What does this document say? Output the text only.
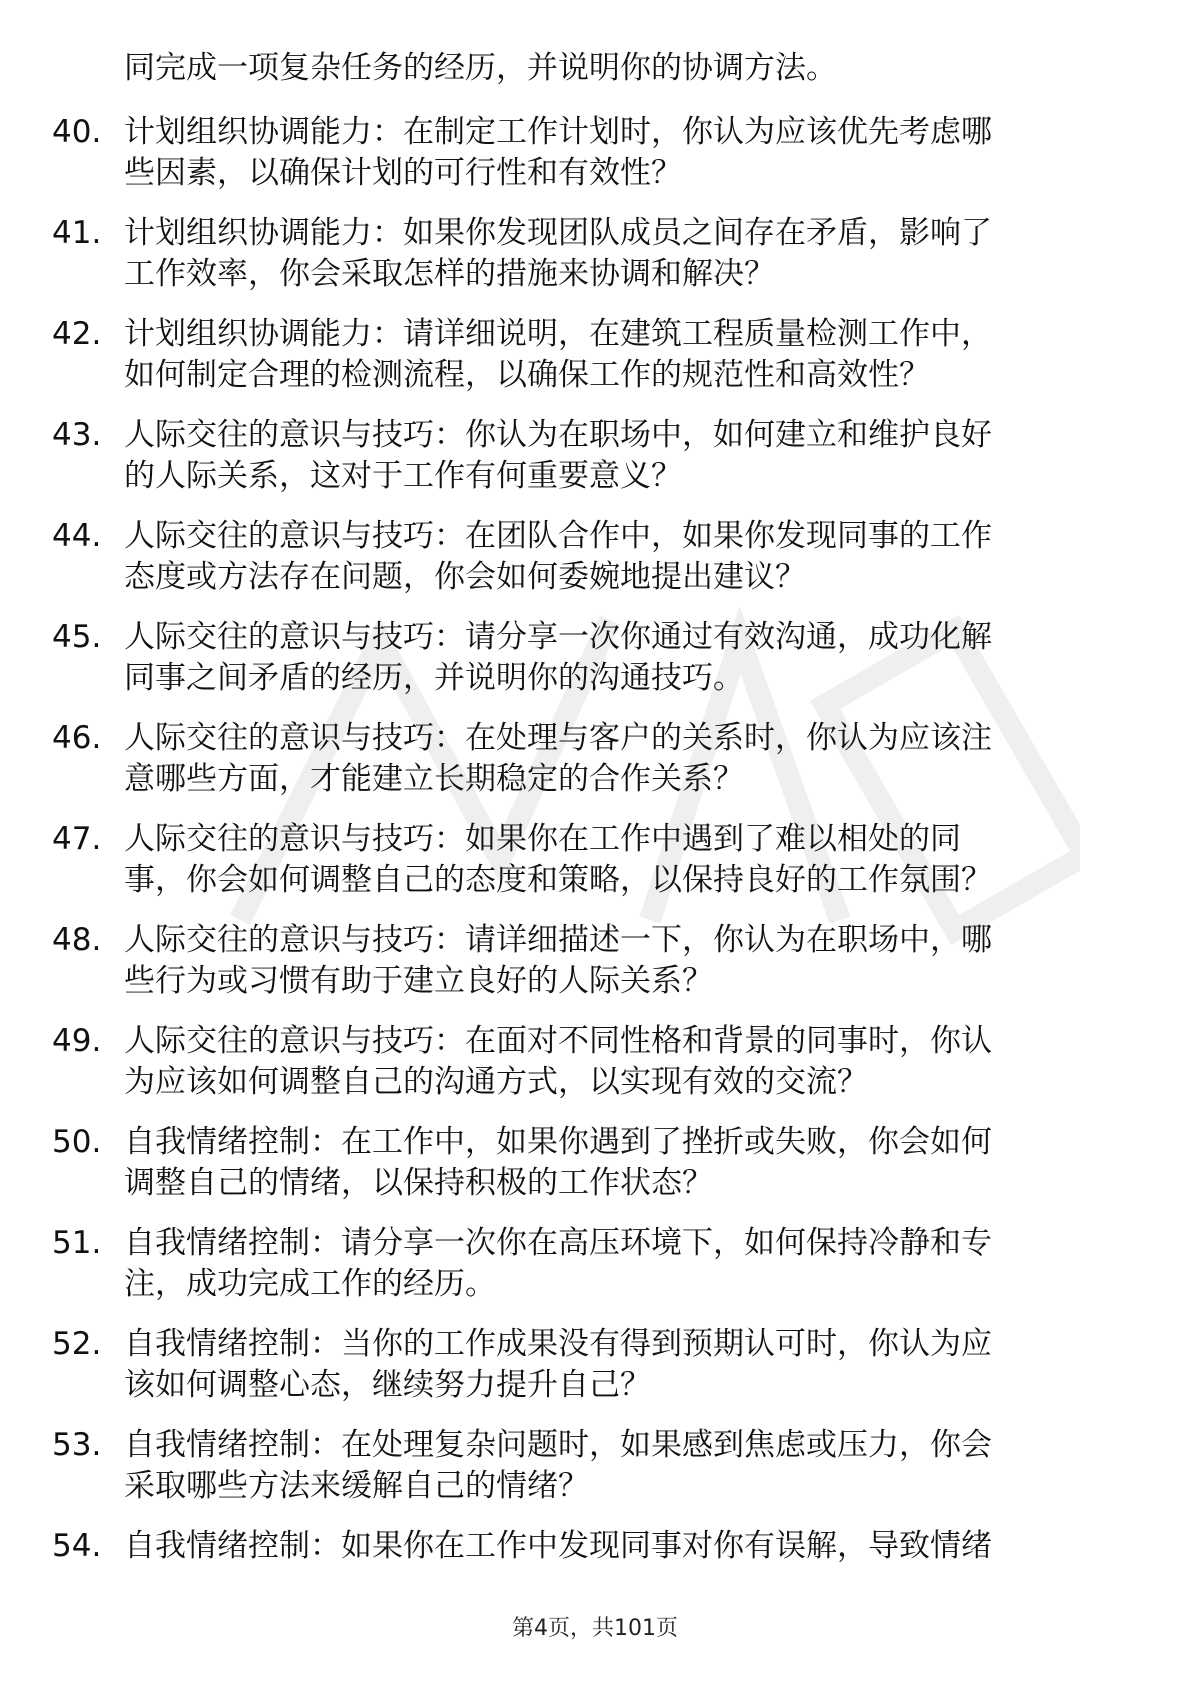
同完成一项复杂任务的经历，并说明你的协调方法。
40. 计划组织协调能力：在制定工作计划时，你认为应该优先考虑哪
些因素，以确保计划的可行性和有效性？
41. 计划组织协调能力：如果你发现团队成员之间存在矛盾，影响了
工作效率，你会采取怎样的措施来协调和解决？
42. 计划组织协调能力：请详细说明，在建筑工程质量检测工作中，
如何制定合理的检测流程，以确保工作的规范性和高效性？
43. 人际交往的意识与技巧：你认为在职场中，如何建立和维护良好
的人际关系，这对于工作有何重要意义？
44. 人际交往的意识与技巧：在团队合作中，如果你发现同事的工作
态度或方法存在问题，你会如何委婉地提出建议？
45. 人际交往的意识与技巧：请分享一次你通过有效沟通，成功化解
同事之间矛盾的经历，并说明你的沟通技巧。
46. 人际交往的意识与技巧：在处理与客户的关系时，你认为应该注
意哪些方面，才能建立长期稳定的合作关系？
47. 人际交往的意识与技巧：如果你在工作中遇到了难以相处的同
事，你会如何调整自己的态度和策略，以保持良好的工作氛围？
48. 人际交往的意识与技巧：请详细描述一下，你认为在职场中，哪
些行为或习惯有助于建立良好的人际关系？
49. 人际交往的意识与技巧：在面对不同性格和背景的同事时，你认
为应该如何调整自己的沟通方式，以实现有效的交流？
50. 自我情绪控制：在工作中，如果你遇到了挫折或失败，你会如何
调整自己的情绪，以保持积极的工作状态？
51. 自我情绪控制：请分享一次你在高压环境下，如何保持冷静和专
注，成功完成工作的经历。
52. 自我情绪控制：当你的工作成果没有得到预期认可时，你认为应
该如何调整心态，继续努力提升自己？
53. 自我情绪控制：在处理复杂问题时，如果感到焦虑或压力，你会
采取哪些方法来缓解自己的情绪？
54. 自我情绪控制：如果你在工作中发现同事对你有误解，导致情绪
第4页，共101页
